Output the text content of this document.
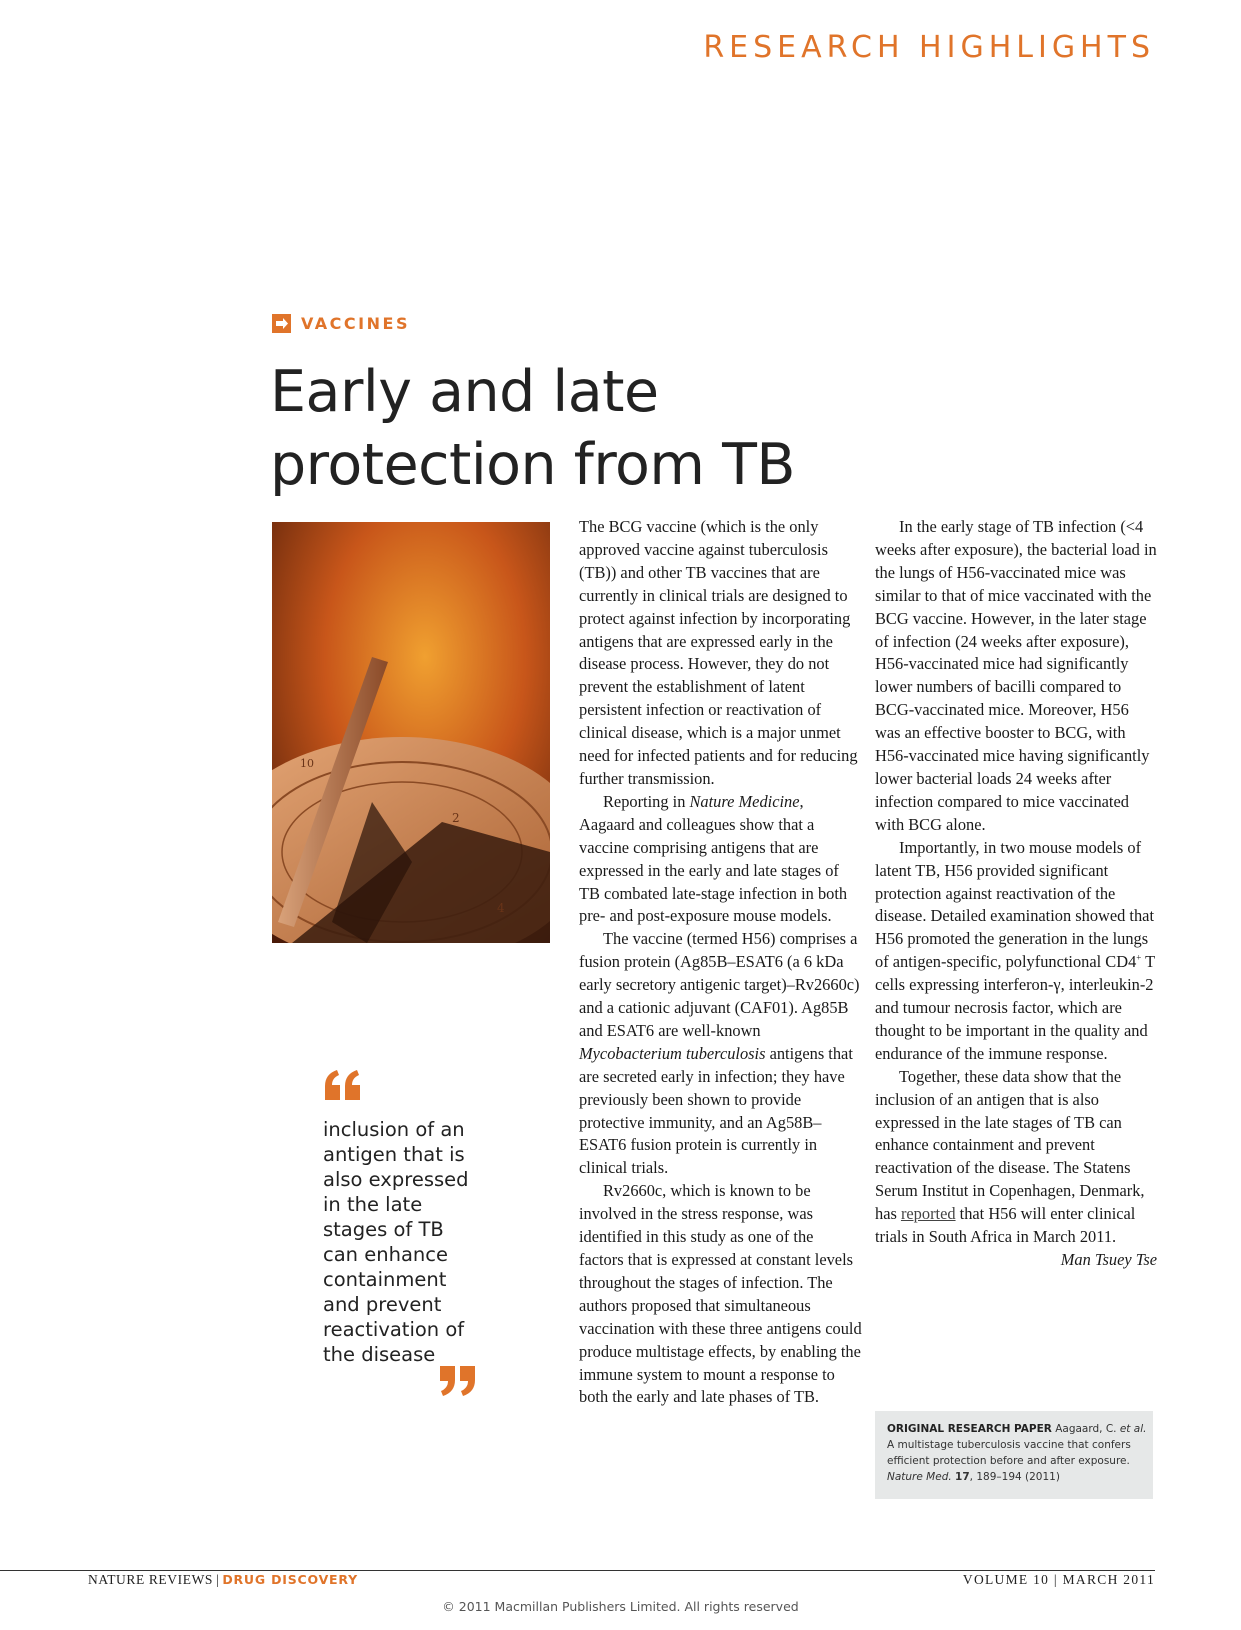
RESEARCH HIGHLIGHTS
VACCINES
Early and late
protection from TB
10
2
4

The BCG vaccine (which is the only approved vaccine against tuberculosis (TB)) and other TB vaccines that are currently in clinical trials are designed to protect against infection by incorporating antigens that are expressed early in the disease process. However, they do not prevent the establishment of latent persistent infection or reactivation of clinical disease, which is a major unmet need for infected patients and for reducing further transmission.

Reporting in Nature Medicine, Aagaard and colleagues show that a vaccine comprising antigens that are expressed in the early and late stages of TB combated late-stage infection in both pre- and post-exposure mouse models.

The vaccine (termed H56) comprises a fusion protein (Ag85B–ESAT6 (a 6 kDa early secretory antigenic target)–Rv2660c) and a cationic adjuvant (CAF01). Ag85B and ESAT6 are well-known Mycobacterium tuberculosis antigens that are secreted early in infection; they have previously been shown to provide protective immunity, and an Ag58B–ESAT6 fusion protein is currently in clinical trials.

Rv2660c, which is known to be involved in the stress response, was identified in this study as one of the factors that is expressed at constant levels throughout the stages of infection. The authors proposed that simultaneous vaccination with these three antigens could produce multistage effects, by enabling the immune system to mount a response to both the early and late phases of TB.

In the early stage of TB infection (<4 weeks after exposure), the bacterial load in the lungs of H56-vaccinated mice was similar to that of mice vaccinated with the BCG vaccine. However, in the later stage of infection (24 weeks after exposure), H56-vaccinated mice had significantly lower numbers of bacilli compared to BCG-vaccinated mice. Moreover, H56 was an effective booster to BCG, with H56-vaccinated mice having significantly lower bacterial loads 24 weeks after infection compared to mice vaccinated with BCG alone.

Importantly, in two mouse models of latent TB, H56 provided significant protection against reactivation of the disease. Detailed examination showed that H56 promoted the generation in the lungs of antigen-specific, polyfunctional CD4+ T cells expressing interferon-γ, interleukin-2 and tumour necrosis factor, which are thought to be important in the quality and endurance of the immune response.

Together, these data show that the inclusion of an antigen that is also expressed in the late stages of TB can enhance containment and prevent reactivation of the disease. The Statens Serum Institut in Copenhagen, Denmark, has reported that H56 will enter clinical trials in South Africa in March 2011.

Man Tsuey Tse

inclusion of an
antigen that is
also expressed
in the late
stages of TB
can enhance
containment
and prevent
reactivation of
the disease
ORIGINAL RESEARCH PAPER Aagaard, C. et al.
A multistage tuberculosis vaccine that confers
efficient protection before and after exposure.
Nature Med. 17, 189–194 (2011)
NATURE REVIEWS | DRUG DISCOVERY	VOLUME 10 | MARCH 2011
© 2011 Macmillan Publishers Limited. All rights reserved
